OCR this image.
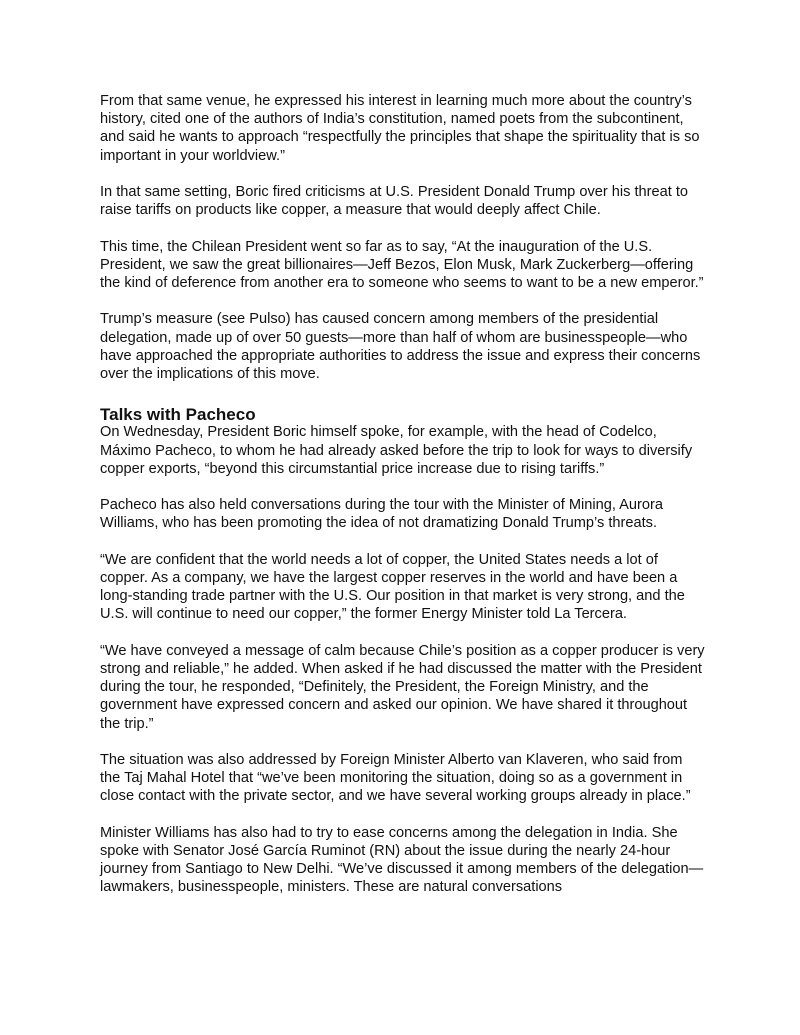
From that same venue, he expressed his interest in learning much more about the country’s history, cited one of the authors of India’s constitution, named poets from the subcontinent, and said he wants to approach “respectfully the principles that shape the spirituality that is so important in your worldview.”

In that same setting, Boric fired criticisms at U.S. President Donald Trump over his threat to raise tariffs on products like copper, a measure that would deeply affect Chile.

This time, the Chilean President went so far as to say, “At the inauguration of the U.S. President, we saw the great billionaires—Jeff Bezos, Elon Musk, Mark Zuckerberg—offering the kind of deference from another era to someone who seems to want to be a new emperor.”

Trump’s measure (see Pulso) has caused concern among members of the presidential delegation, made up of over 50 guests—more than half of whom are businesspeople—who have approached the appropriate authorities to address the issue and express their concerns over the implications of this move.

Talks with Pacheco

On Wednesday, President Boric himself spoke, for example, with the head of Codelco, Máximo Pacheco, to whom he had already asked before the trip to look for ways to diversify copper exports, “beyond this circumstantial price increase due to rising tariffs.”

Pacheco has also held conversations during the tour with the Minister of Mining, Aurora Williams, who has been promoting the idea of not dramatizing Donald Trump’s threats.

“We are confident that the world needs a lot of copper, the United States needs a lot of copper. As a company, we have the largest copper reserves in the world and have been a long-standing trade partner with the U.S. Our position in that market is very strong, and the U.S. will continue to need our copper,” the former Energy Minister told La Tercera.

“We have conveyed a message of calm because Chile’s position as a copper producer is very strong and reliable,” he added. When asked if he had discussed the matter with the President during the tour, he responded, “Definitely, the President, the Foreign Ministry, and the government have expressed concern and asked our opinion. We have shared it throughout the trip.”

The situation was also addressed by Foreign Minister Alberto van Klaveren, who said from the Taj Mahal Hotel that “we’ve been monitoring the situation, doing so as a government in close contact with the private sector, and we have several working groups already in place.”

Minister Williams has also had to try to ease concerns among the delegation in India. She spoke with Senator José García Ruminot (RN) about the issue during the nearly 24-hour journey from Santiago to New Delhi. “We’ve discussed it among members of the delegation—lawmakers, businesspeople, ministers. These are natural conversations
